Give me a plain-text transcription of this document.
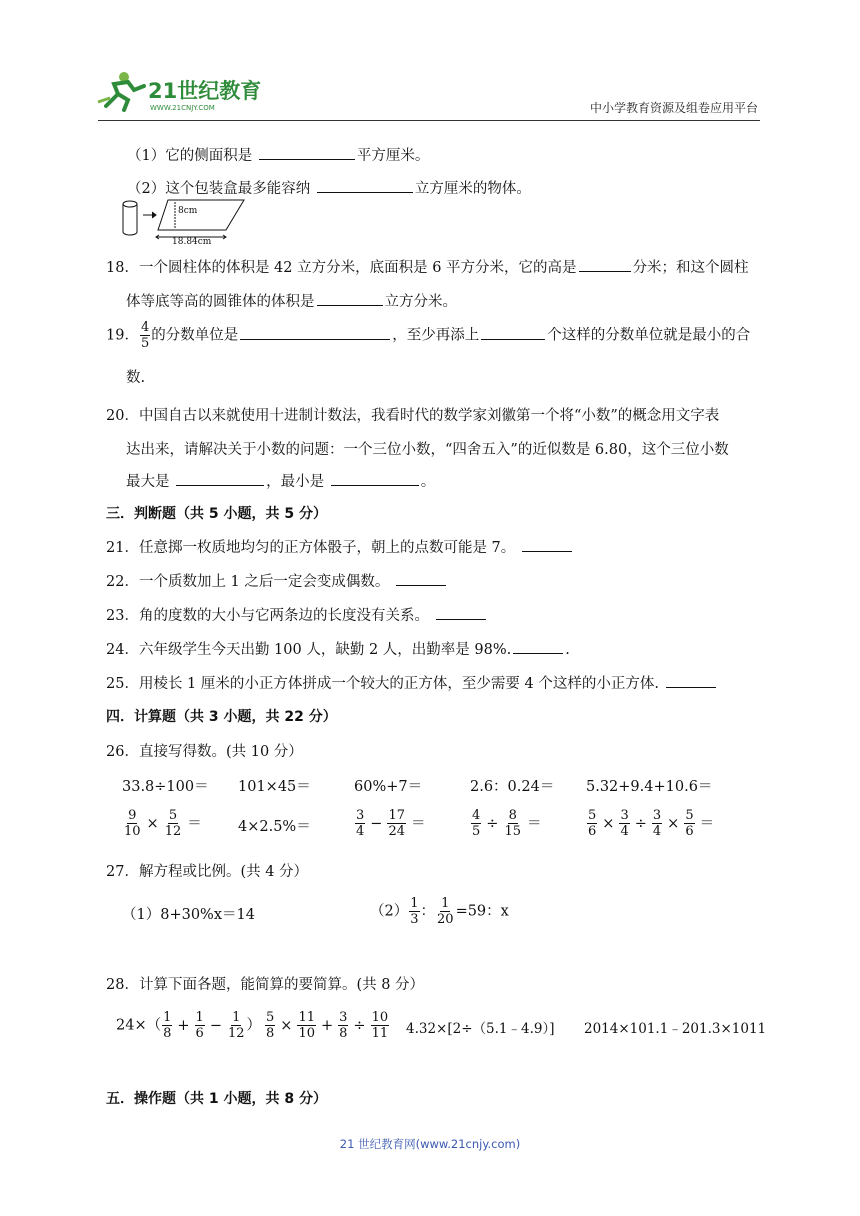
21世纪教育
WWW.21CNJY.COM	中小学教育资源及组卷应用平台
（1）它的侧面积是	平方厘米。
（2）这个包装盒最多能容纳	立方厘米的物体。
8cm
18.84cm
18．一个圆柱体的体积是 42 立方分米，底面积是 6 平方分米，它的高是	分米；和这个圆柱
体等底等高的圆锥体的体积是	立方分米。
19． $\frac{4}{5}$ 的分数单位是	，至少再添上	个这样的分数单位就是最小的合
数.
20．中国自古以来就使用十进制计数法，我看时代的数学家刘徽第一个将“小数”的概念用文字表
达出来，请解决关于小数的问题：一个三位小数，“四舍五入”的近似数是 6.80，这个三位小数
最大是	，最小是	。
三．判断题（共 5 小题，共 5 分）
21．任意掷一枚质地均匀的正方体骰子，朝上的点数可能是 7。
22．一个质数加上 1 之后一定会变成偶数。
23．角的度数的大小与它两条边的长度没有关系。
24．六年级学生今天出勤 100 人，缺勤 2 人，出勤率是 98%.	.
25．用棱长 1 厘米的小正方体拼成一个较大的正方体，至少需要 4 个这样的小正方体.
四．计算题（共 3 小题，共 22 分）
26．直接写得数。(共 10 分）
33.8÷100＝ 101×45＝	60%+7＝	2.6：0.24＝ 5.32+9.4+10.6＝
$\frac{9}{10} \times \frac{5}{12}$ ＝	4×2.5%＝	$\frac{3}{4} - \frac{17}{24}$ ＝	$\frac{4}{5} \div \frac{8}{15}$ ＝	$\frac{5}{6} \times \frac{3}{4} \div \frac{3}{4} \times \frac{5}{6}$ ＝
27．解方程或比例。(共 4 分）
（1）8+30%x＝14	$(2) \frac{1}{3}$ ： $\frac{1}{20} =59$：x
28．计算下面各题，能简算的要简算。(共 8 分）
$24\times( \frac{1}{8} + \frac{1}{6} - \frac{1}{12}$ ） $\frac{5}{8} \times \frac{11}{10} + \frac{3}{8} \div \frac{10}{11}$ 4.32×[2÷（5.1﹣4.9）] 2014×101.1﹣201.3×1011
五．操作题（共 1 小题，共 8 分）
21 世纪教育网(www.21cnjy.com)
